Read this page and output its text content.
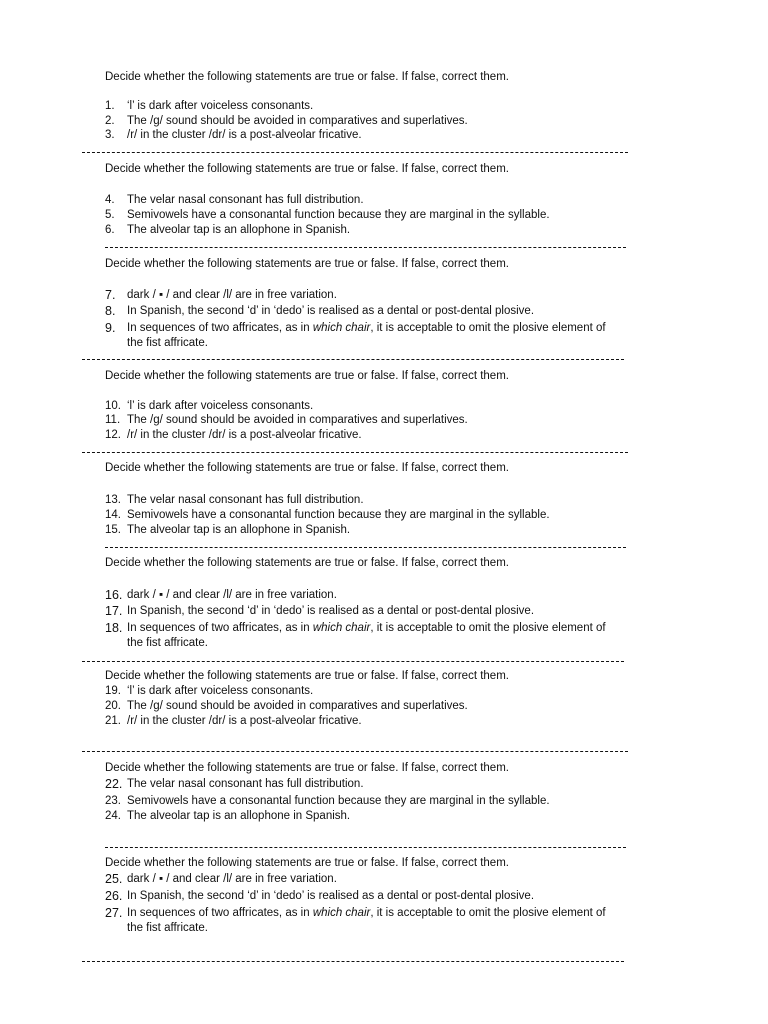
Decide whether the following statements are true or false. If false, correct them.
1. ‘l’ is dark after voiceless consonants.
2. The /g/ sound should be avoided in comparatives and superlatives.
3. /r/ in the cluster /dr/ is a post-alveolar fricative.
Decide whether the following statements are true or false. If false, correct them.
4. The velar nasal consonant has full distribution.
5. Semivowels have a consonantal function because they are marginal in the syllable.
6. The alveolar tap is an allophone in Spanish.
Decide whether the following statements are true or false. If false, correct them.
7. dark / ▪ / and clear /l/ are in free variation.
8. In Spanish, the second ‘d’ in ‘dedo’ is realised as a dental or post-dental plosive.
9. In sequences of two affricates, as in which chair, it is acceptable to omit the plosive element of
the fist affricate.
Decide whether the following statements are true or false. If false, correct them.
10. ‘l’ is dark after voiceless consonants.
11. The /g/ sound should be avoided in comparatives and superlatives.
12. /r/ in the cluster /dr/ is a post-alveolar fricative.
Decide whether the following statements are true or false. If false, correct them.
13. The velar nasal consonant has full distribution.
14. Semivowels have a consonantal function because they are marginal in the syllable.
15. The alveolar tap is an allophone in Spanish.
Decide whether the following statements are true or false. If false, correct them.
16. dark / ▪ / and clear /l/ are in free variation.
17. In Spanish, the second ‘d’ in ‘dedo’ is realised as a dental or post-dental plosive.
18. In sequences of two affricates, as in which chair, it is acceptable to omit the plosive element of
the fist affricate.
Decide whether the following statements are true or false. If false, correct them.
19. ‘l’ is dark after voiceless consonants.
20. The /g/ sound should be avoided in comparatives and superlatives.
21. /r/ in the cluster /dr/ is a post-alveolar fricative.
Decide whether the following statements are true or false. If false, correct them.
22. The velar nasal consonant has full distribution.
23. Semivowels have a consonantal function because they are marginal in the syllable.
24. The alveolar tap is an allophone in Spanish.
Decide whether the following statements are true or false. If false, correct them.
25. dark / ▪ / and clear /l/ are in free variation.
26. In Spanish, the second ‘d’ in ‘dedo’ is realised as a dental or post-dental plosive.
27. In sequences of two affricates, as in which chair, it is acceptable to omit the plosive element of
the fist affricate.
